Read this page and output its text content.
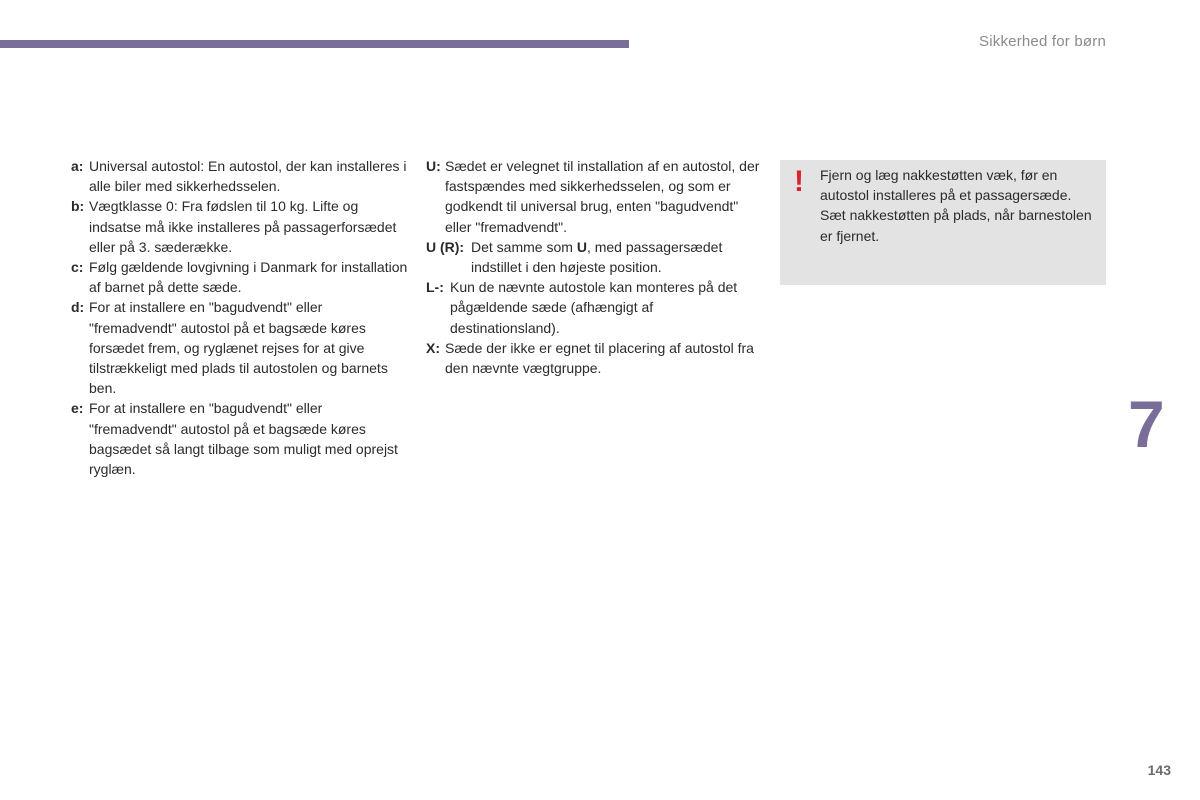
Sikkerhed for børn
a: Universal autostol: En autostol, der kan installeres i alle biler med sikkerhedsselen.
b: Vægtklasse 0: Fra fødslen til 10 kg. Lifte og indsatse må ikke installeres på passagerforsædet eller på 3. sæderække.
c: Følg gældende lovgivning i Danmark for installation af barnet på dette sæde.
d: For at installere en "bagudvendt" eller "fremadvendt" autostol på et bagsæde køres forsædet frem, og ryglænet rejses for at give tilstrækkeligt med plads til autostolen og barnets ben.
e: For at installere en "bagudvendt" eller "fremadvendt" autostol på et bagsæde køres bagsædet så langt tilbage som muligt med oprejst ryglæn.
U: Sædet er velegnet til installation af en autostol, der fastspændes med sikkerhedsselen, og som er godkendt til universal brug, enten "bagudvendt" eller "fremadvendt".
U (R): Det samme som U, med passagersædet indstillet i den højeste position.
L-: Kun de nævnte autostole kan monteres på det pågældende sæde (afhængigt af destinationsland).
X: Sæde der ikke er egnet til placering af autostol fra den nævnte vægtgruppe.
! Fjern og læg nakkestøtten væk, før en autostol installeres på et passagersæde. Sæt nakkestøtten på plads, når barnestolen er fjernet.
7
143
